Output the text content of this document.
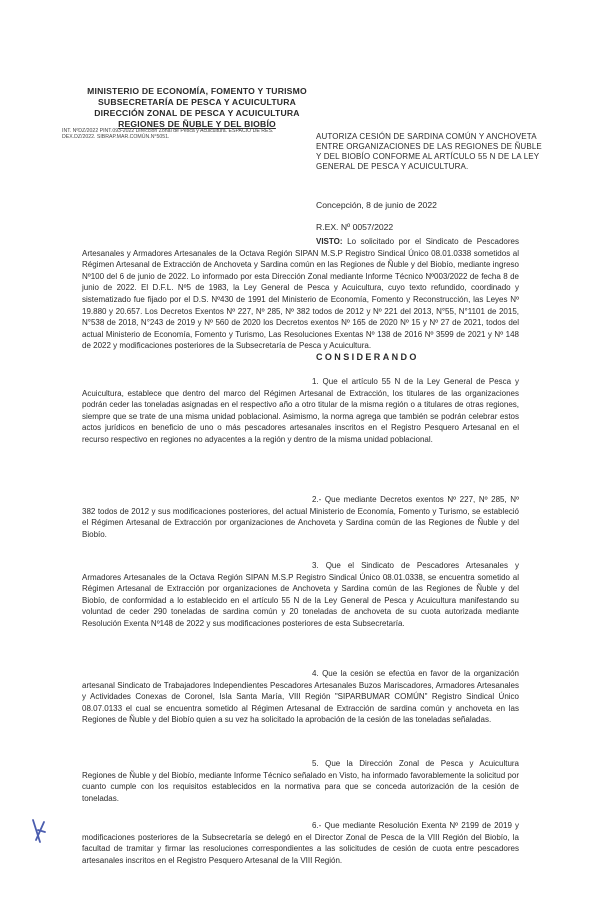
MINISTERIO DE ECONOMÍA, FOMENTO Y TURISMO
SUBSECRETARÍA DE PESCA Y ACUICULTURA
DIRECCIÓN ZONAL DE PESCA Y ACUICULTURA
REGIONES DE ÑUBLE Y DEL BIOBÍO
INT. NºDZ/2022 PINT.093-2022 Dirección Zonal de Pesca y Acuicultura. ESPACIO DE RES. DEX.DZ/2022. SIBRAP.MAR.COMÚN.N°5051.	AUTORIZA CESIÓN DE SARDINA COMÚN Y ANCHOVETA ENTRE ORGANIZACIONES DE LAS REGIONES DE ÑUBLE Y DEL BIOBÍO CONFORME AL ARTÍCULO 55 N DE LA LEY GENERAL DE PESCA Y ACUICULTURA.
Concepción, 8 de junio de 2022
R.EX. Nº 0057/2022
VISTO: Lo solicitado por el Sindicato de Pescadores Artesanales y Armadores Artesanales de la Octava Región SIPAN M.S.P Registro Sindical Único 08.01.0338 sometidos al Régimen Artesanal de Extracción de Anchoveta y Sardina común en las Regiones de Ñuble y del Biobío, mediante ingreso Nº100 del 6 de junio de 2022. Lo informado por esta Dirección Zonal mediante Informe Técnico Nº003/2022 de fecha 8 de junio de 2022. El D.F.L. Nº5 de 1983, la Ley General de Pesca y Acuicultura, cuyo texto refundido, coordinado y sistematizado fue fijado por el D.S. Nº430 de 1991 del Ministerio de Economía, Fomento y Reconstrucción, las Leyes Nº 19.880 y 20.657. Los Decretos Exentos Nº 227, Nº 285, Nº 382 todos de 2012 y Nº 221 del 2013, N°55, N°1101 de 2015, N°538 de 2018, N°243 de 2019 y Nº 560 de 2020 los Decretos exentos Nº 165 de 2020 Nº 15 y Nº 27 de 2021, todos del actual Ministerio de Economía, Fomento y Turismo, Las Resoluciones Exentas Nº 138 de 2016 Nº 3599 de 2021 y Nº 148 de 2022 y modificaciones posteriores de la Subsecretaría de Pesca y Acuicultura.
CONSIDERANDO
1. Que el artículo 55 N de la Ley General de Pesca y Acuicultura, establece que dentro del marco del Régimen Artesanal de Extracción, los titulares de las organizaciones podrán ceder las toneladas asignadas en el respectivo año a otro titular de la misma región o a titulares de otras regiones, siempre que se trate de una misma unidad poblacional. Asimismo, la norma agrega que también se podrán celebrar estos actos jurídicos en beneficio de uno o más pescadores artesanales inscritos en el Registro Pesquero Artesanal en el recurso respectivo en regiones no adyacentes a la región y dentro de la misma unidad poblacional.
2.- Que mediante Decretos exentos Nº 227, Nº 285, Nº 382 todos de 2012 y sus modificaciones posteriores, del actual Ministerio de Economía, Fomento y Turismo, se estableció el Régimen Artesanal de Extracción por organizaciones de Anchoveta y Sardina común de las Regiones de Ñuble y del Biobío.
3. Que el Sindicato de Pescadores Artesanales y Armadores Artesanales de la Octava Región SIPAN M.S.P Registro Sindical Único 08.01.0338, se encuentra sometido al Régimen Artesanal de Extracción por organizaciones de Anchoveta y Sardina común de las Regiones de Ñuble y del Biobío, de conformidad a lo establecido en el artículo 55 N de la Ley General de Pesca y Acuicultura manifestando su voluntad de ceder 290 toneladas de sardina común y 20 toneladas de anchoveta de su cuota autorizada mediante Resolución Exenta Nº148 de 2022 y sus modificaciones posteriores de esta Subsecretaría.
4. Que la cesión se efectúa en favor de la organización artesanal Sindicato de Trabajadores Independientes Pescadores Artesanales Buzos Mariscadores, Armadores Artesanales y Actividades Conexas de Coronel, Isla Santa María, VIII Región "SIPARBUMAR COMÚN" Registro Sindical Único 08.07.0133 el cual se encuentra sometido al Régimen Artesanal de Extracción de sardina común y anchoveta en las Regiones de Ñuble y del Biobío quien a su vez ha solicitado la aprobación de la cesión de las toneladas señaladas.
5. Que la Dirección Zonal de Pesca y Acuicultura Regiones de Ñuble y del Biobío, mediante Informe Técnico señalado en Visto, ha informado favorablemente la solicitud por cuanto cumple con los requisitos establecidos en la normativa para que se conceda autorización de la cesión de toneladas.
6.- Que mediante Resolución Exenta Nº 2199 de 2019 y modificaciones posteriores de la Subsecretaría se delegó en el Director Zonal de Pesca de la VIII Región del Biobío, la facultad de tramitar y firmar las resoluciones correspondientes a las solicitudes de cesión de cuota entre pescadores artesanales inscritos en el Registro Pesquero Artesanal de la VIII Región.
